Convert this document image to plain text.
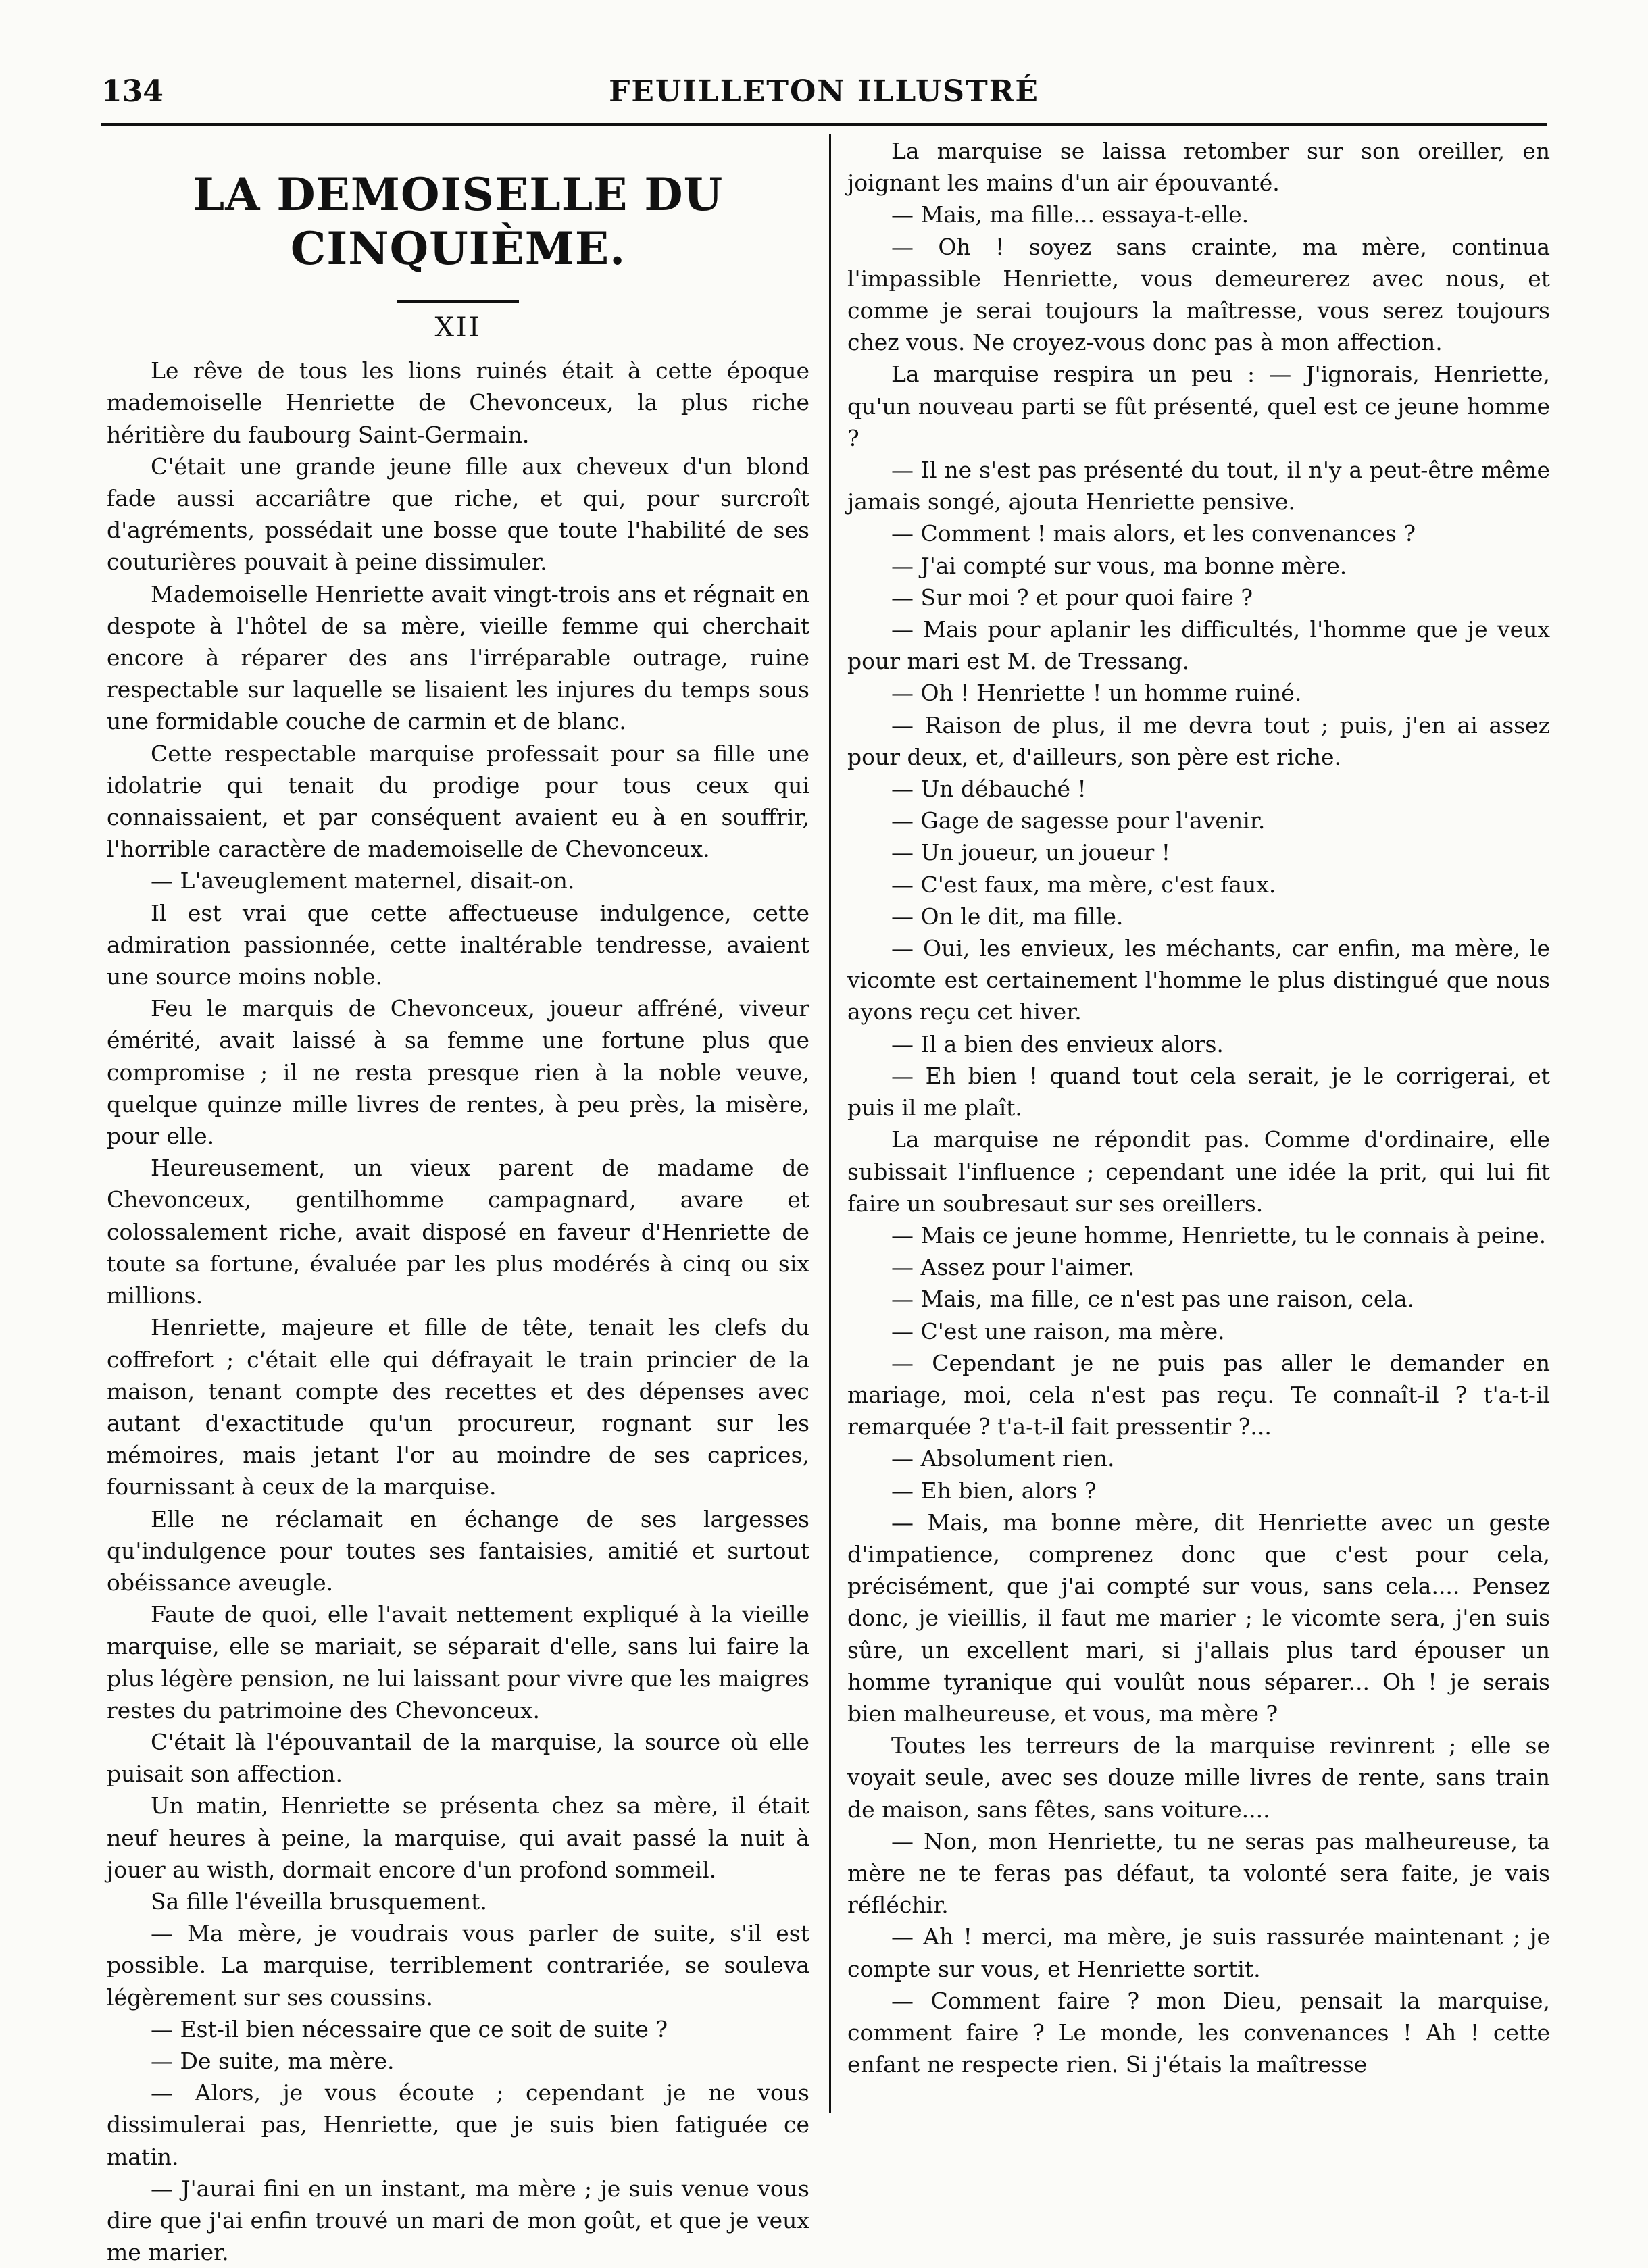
134	FEUILLETON ILLUSTRÉ
LA DEMOISELLE DU CINQUIÈME.
XII

Le rêve de tous les lions ruinés était à cette époque mademoiselle Henriette de Chevonceux, la plus riche héritière du faubourg Saint-Germain.

C'était une grande jeune fille aux cheveux d'un blond fade aussi accariâtre que riche, et qui, pour surcroît d'agréments, possédait une bosse que toute l'habilité de ses couturières pouvait à peine dissimuler.

Mademoiselle Henriette avait vingt-trois ans et régnait en despote à l'hôtel de sa mère, vieille femme qui cherchait encore à réparer des ans l'irréparable outrage, ruine respectable sur laquelle se lisaient les injures du temps sous une formidable couche de carmin et de blanc.

Cette respectable marquise professait pour sa fille une idolatrie qui tenait du prodige pour tous ceux qui connaissaient, et par conséquent avaient eu à en souffrir, l'horrible caractère de mademoiselle de Chevonceux.

— L'aveuglement maternel, disait-on.

Il est vrai que cette affectueuse indulgence, cette admiration passionnée, cette inaltérable tendresse, avaient une source moins noble.

Feu le marquis de Chevonceux, joueur affréné, viveur émérité, avait laissé à sa femme une fortune plus que compromise ; il ne resta presque rien à la noble veuve, quelque quinze mille livres de rentes, à peu près, la misère, pour elle.

Heureusement, un vieux parent de madame de Chevonceux, gentilhomme campagnard, avare et colossalement riche, avait disposé en faveur d'Henriette de toute sa fortune, évaluée par les plus modérés à cinq ou six millions.

Henriette, majeure et fille de tête, tenait les clefs du coffrefort ; c'était elle qui défrayait le train princier de la maison, tenant compte des recettes et des dépenses avec autant d'exactitude qu'un procureur, rognant sur les mémoires, mais jetant l'or au moindre de ses caprices, fournissant à ceux de la marquise.

Elle ne réclamait en échange de ses largesses qu'indulgence pour toutes ses fantaisies, amitié et surtout obéissance aveugle.

Faute de quoi, elle l'avait nettement expliqué à la vieille marquise, elle se mariait, se séparait d'elle, sans lui faire la plus légère pension, ne lui laissant pour vivre que les maigres restes du patrimoine des Chevonceux.

C'était là l'épouvantail de la marquise, la source où elle puisait son affection.

Un matin, Henriette se présenta chez sa mère, il était neuf heures à peine, la marquise, qui avait passé la nuit à jouer au wisth, dormait encore d'un profond sommeil.

Sa fille l'éveilla brusquement.

— Ma mère, je voudrais vous parler de suite, s'il est possible. La marquise, terriblement contrariée, se souleva légèrement sur ses coussins.

— Est-il bien nécessaire que ce soit de suite ?

— De suite, ma mère.

— Alors, je vous écoute ; cependant je ne vous dissimulerai pas, Henriette, que je suis bien fatiguée ce matin.

— J'aurai fini en un instant, ma mère ; je suis venue vous dire que j'ai enfin trouvé un mari de mon goût, et que je veux me marier.

La marquise se laissa retomber sur son oreiller, en joignant les mains d'un air épouvanté.

— Mais, ma fille... essaya-t-elle.

— Oh ! soyez sans crainte, ma mère, continua l'impassible Henriette, vous demeurerez avec nous, et comme je serai toujours la maîtresse, vous serez toujours chez vous. Ne croyez-vous donc pas à mon affection.

La marquise respira un peu : — J'ignorais, Henriette, qu'un nouveau parti se fût présenté, quel est ce jeune homme ?

— Il ne s'est pas présenté du tout, il n'y a peut-être même jamais songé, ajouta Henriette pensive.

— Comment ! mais alors, et les convenances ?

— J'ai compté sur vous, ma bonne mère.

— Sur moi ? et pour quoi faire ?

— Mais pour aplanir les difficultés, l'homme que je veux pour mari est M. de Tressang.

— Oh ! Henriette ! un homme ruiné.

— Raison de plus, il me devra tout ; puis, j'en ai assez pour deux, et, d'ailleurs, son père est riche.

— Un débauché !

— Gage de sagesse pour l'avenir.

— Un joueur, un joueur !

— C'est faux, ma mère, c'est faux.

— On le dit, ma fille.

— Oui, les envieux, les méchants, car enfin, ma mère, le vicomte est certainement l'homme le plus distingué que nous ayons reçu cet hiver.

— Il a bien des envieux alors.

— Eh bien ! quand tout cela serait, je le corrigerai, et puis il me plaît.

La marquise ne répondit pas. Comme d'ordinaire, elle subissait l'influence ; cependant une idée la prit, qui lui fit faire un soubresaut sur ses oreillers.

— Mais ce jeune homme, Henriette, tu le connais à peine.

— Assez pour l'aimer.

— Mais, ma fille, ce n'est pas une raison, cela.

— C'est une raison, ma mère.

— Cependant je ne puis pas aller le demander en mariage, moi, cela n'est pas reçu. Te connaît-il ? t'a-t-il remarquée ? t'a-t-il fait pressentir ?...

— Absolument rien.

— Eh bien, alors ?

— Mais, ma bonne mère, dit Henriette avec un geste d'impatience, comprenez donc que c'est pour cela, précisément, que j'ai compté sur vous, sans cela.... Pensez donc, je vieillis, il faut me marier ; le vicomte sera, j'en suis sûre, un excellent mari, si j'allais plus tard épouser un homme tyranique qui voulût nous séparer... Oh ! je serais bien malheureuse, et vous, ma mère ?

Toutes les terreurs de la marquise revinrent ; elle se voyait seule, avec ses douze mille livres de rente, sans train de maison, sans fêtes, sans voiture....

— Non, mon Henriette, tu ne seras pas malheureuse, ta mère ne te feras pas défaut, ta volonté sera faite, je vais réfléchir.

— Ah ! merci, ma mère, je suis rassurée maintenant ; je compte sur vous, et Henriette sortit.

— Comment faire ? mon Dieu, pensait la marquise, comment faire ? Le monde, les convenances ! Ah ! cette enfant ne respecte rien. Si j'étais la maîtresse
